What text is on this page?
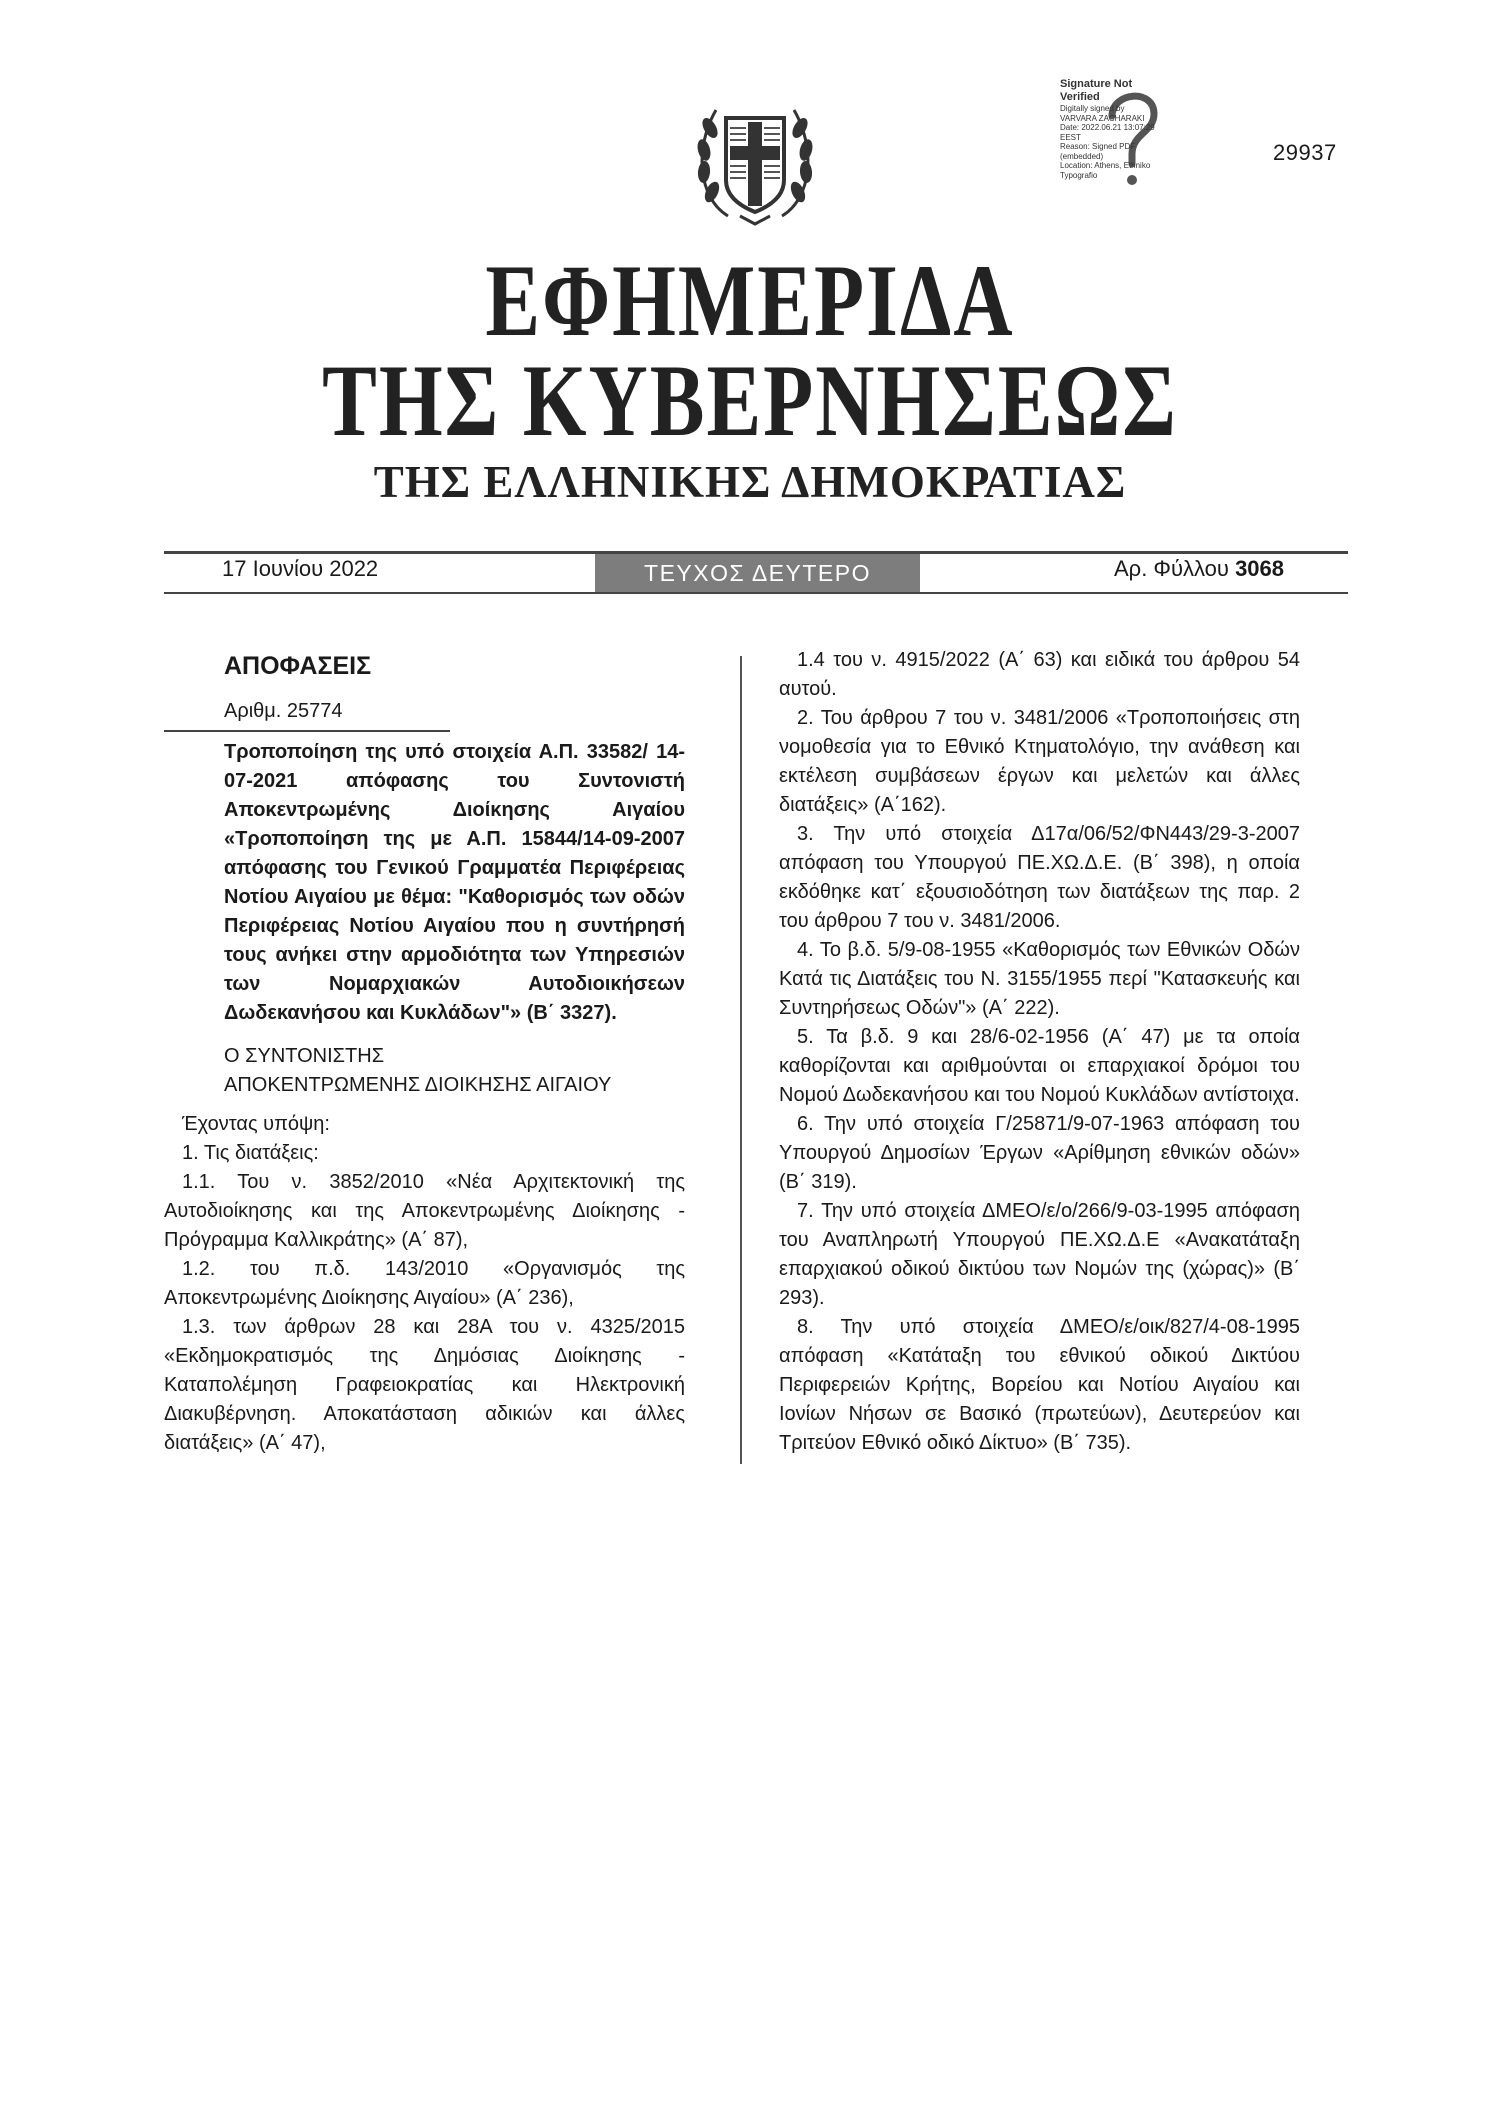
Signature Not
Verified
Digitally signed by
VARVARA ZACHARAKI
Date: 2022.06.21 13:07:29
EEST
Reason: Signed PDF
(embedded)
Location: Athens, Ethniko
Typografio
29937
ΕΦΗΜΕΡΙΔΑ
ΤΗΣ ΚΥΒΕΡΝΗΣΕΩΣ
ΤΗΣ ΕΛΛΗΝΙΚΗΣ ΔΗΜΟΚΡΑΤΙΑΣ
17 Ιουνίου 2022	ΤΕΥΧΟΣ ΔΕΥΤΕΡΟ	Αρ. Φύλλου 3068
ΑΠΟΦΑΣΕΙΣ
Αριθμ. 25774

Τροποποίηση της υπό στοιχεία Α.Π. 33582/ 14-07-2021 απόφασης του Συντονιστή Αποκεντρωμένης Διοίκησης Αιγαίου «Τροποποίηση της με Α.Π. 15844/14-09-2007 απόφασης του Γενικού Γραμματέα Περιφέρειας Νοτίου Αιγαίου με θέμα: "Καθορισμός των οδών Περιφέρειας Νοτίου Αιγαίου που η συντήρησή τους ανήκει στην αρμοδιότητα των Υπηρεσιών των Νομαρχιακών Αυτοδιοικήσεων Δωδεκανήσου και Κυκλάδων"» (Β΄ 3327).

Ο ΣΥΝΤΟΝΙΣΤΗΣ
ΑΠΟΚΕΝΤΡΩΜΕΝΗΣ ΔΙΟΙΚΗΣΗΣ ΑΙΓΑΙΟΥ

Έχοντας υπόψη:

1. Τις διατάξεις:

1.1. Του ν. 3852/2010 «Νέα Αρχιτεκτονική της Αυτοδιοίκησης και της Αποκεντρωμένης Διοίκησης - Πρόγραμμα Καλλικράτης» (Α΄ 87),

1.2. του π.δ. 143/2010 «Οργανισμός της Αποκεντρωμένης Διοίκησης Αιγαίου» (Α΄ 236),

1.3. των άρθρων 28 και 28Α του ν. 4325/2015 «Εκδημοκρατισμός της Δημόσιας Διοίκησης - Καταπολέμηση Γραφειοκρατίας και Ηλεκτρονική Διακυβέρνηση. Αποκατάσταση αδικιών και άλλες διατάξεις» (Α΄ 47),

1.4 του ν. 4915/2022 (Α΄ 63) και ειδικά του άρθρου 54 αυτού.

2. Του άρθρου 7 του ν. 3481/2006 «Τροποποιήσεις στη νομοθεσία για το Εθνικό Κτηματολόγιο, την ανάθεση και εκτέλεση συμβάσεων έργων και μελετών και άλλες διατάξεις» (Α΄162).

3. Την υπό στοιχεία Δ17α/06/52/ΦΝ443/29-3-2007 απόφαση του Υπουργού ΠΕ.ΧΩ.Δ.Ε. (Β΄ 398), η οποία εκδόθηκε κατ΄ εξουσιοδότηση των διατάξεων της παρ. 2 του άρθρου 7 του ν. 3481/2006.

4. Το β.δ. 5/9-08-1955 «Καθορισμός των Εθνικών Οδών Κατά τις Διατάξεις του Ν. 3155/1955 περί "Κατασκευής και Συντηρήσεως Οδών"» (Α΄ 222).

5. Τα β.δ. 9 και 28/6-02-1956 (Α΄ 47) με τα οποία καθορίζονται και αριθμούνται οι επαρχιακοί δρόμοι του Νομού Δωδεκανήσου και του Νομού Κυκλάδων αντίστοιχα.

6. Την υπό στοιχεία Γ/25871/9-07-1963 απόφαση του Υπουργού Δημοσίων Έργων «Αρίθμηση εθνικών οδών» (Β΄ 319).

7. Την υπό στοιχεία ΔΜΕΟ/ε/ο/266/9-03-1995 απόφαση του Αναπληρωτή Υπουργού ΠΕ.ΧΩ.Δ.Ε «Ανακατάταξη επαρχιακού οδικού δικτύου των Νομών της (χώρας)» (Β΄ 293).

8. Την υπό στοιχεία ΔΜΕΟ/ε/οικ/827/4-08-1995 απόφαση «Κατάταξη του εθνικού οδικού Δικτύου Περιφερειών Κρήτης, Βορείου και Νοτίου Αιγαίου και Ιονίων Νήσων σε Βασικό (πρωτεύων), Δευτερεύον και Τριτεύον Εθνικό οδικό Δίκτυο» (Β΄ 735).
